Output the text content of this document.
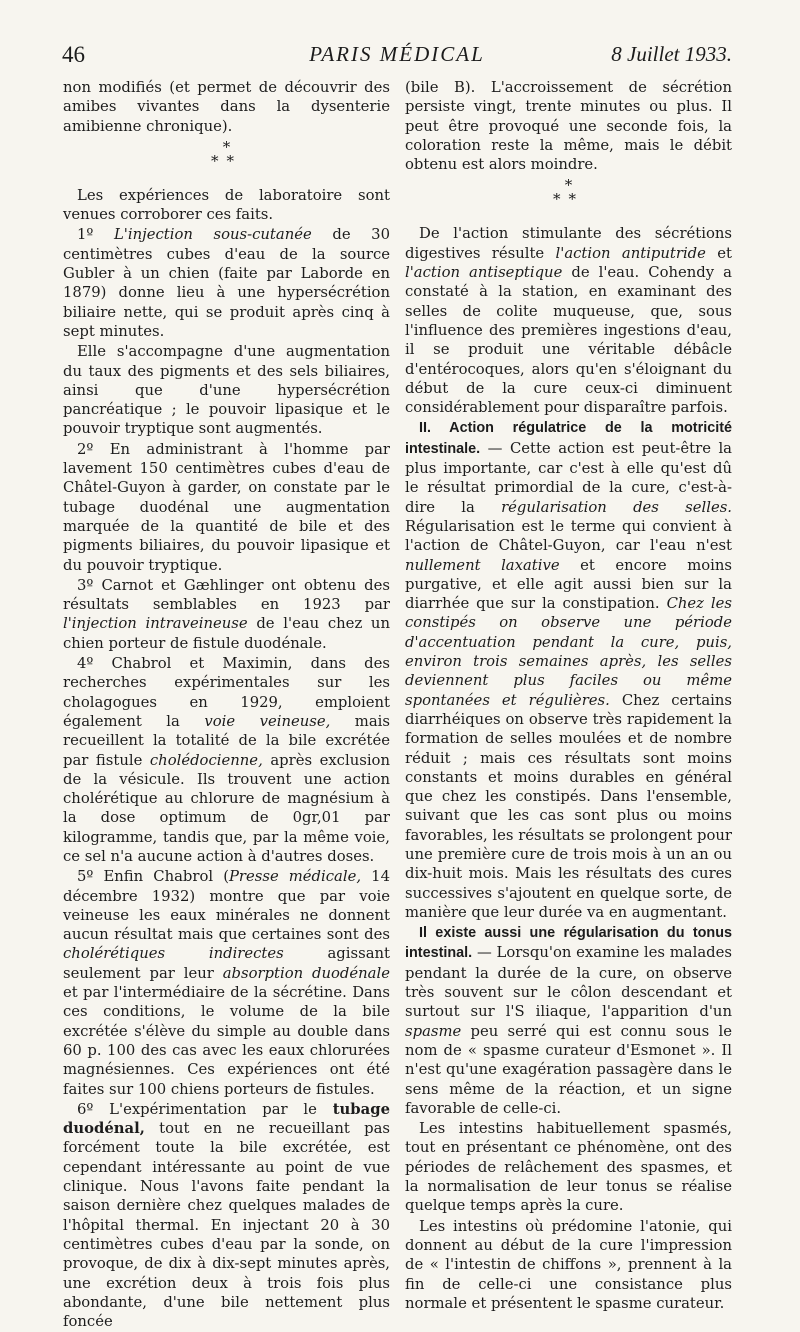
PARIS MÉDICAL
46	8 Juillet 1933.

non modifiés (et permet de découvrir des amibes vivantes dans la dysenterie amibienne chronique).

*
**

Les expériences de laboratoire sont venues corroborer ces faits.

1º L'injection sous-cutanée de 30 centimètres cubes d'eau de la source Gubler à un chien (faite par Laborde en 1879) donne lieu à une hypersécrétion biliaire nette, qui se produit après cinq à sept minutes.

Elle s'accompagne d'une augmentation du taux des pigments et des sels biliaires, ainsi que d'une hypersécrétion pancréatique ; le pouvoir lipasique et le pouvoir tryptique sont augmentés.

2º En administrant à l'homme par lavement 150 centimètres cubes d'eau de Châtel-Guyon à garder, on constate par le tubage duodénal une augmentation marquée de la quantité de bile et des pigments biliaires, du pouvoir lipasique et du pouvoir tryptique.

3º Carnot et Gæhlinger ont obtenu des résultats semblables en 1923 par l'injection intraveineuse de l'eau chez un chien porteur de fistule duodénale.

4º Chabrol et Maximin, dans des recherches expérimentales sur les cholagogues en 1929, emploient également la voie veineuse, mais recueillent la totalité de la bile excrétée par fistule cholédocienne, après exclusion de la vésicule. Ils trouvent une action cholérétique au chlorure de magnésium à la dose optimum de 0gr,01 par kilogramme, tandis que, par la même voie, ce sel n'a aucune action à d'autres doses.

5º Enfin Chabrol (Presse médicale, 14 décembre 1932) montre que par voie veineuse les eaux minérales ne donnent aucun résultat mais que certaines sont des cholérétiques indirectes agissant seulement par leur absorption duodénale et par l'intermédiaire de la sécrétine. Dans ces conditions, le volume de la bile excrétée s'élève du simple au double dans 60 p. 100 des cas avec les eaux chlorurées magnésiennes. Ces expériences ont été faites sur 100 chiens porteurs de fistules.

6º L'expérimentation par le tubage duodénal, tout en ne recueillant pas forcément toute la bile excrétée, est cependant intéressante au point de vue clinique. Nous l'avons faite pendant la saison dernière chez quelques malades de l'hôpital thermal. En injectant 20 à 30 centimètres cubes d'eau par la sonde, on provoque, de dix à dix-sept minutes après, une excrétion deux à trois fois plus abondante, d'une bile nettement plus foncée

(bile B). L'accroissement de sécrétion persiste vingt, trente minutes ou plus. Il peut être provoqué une seconde fois, la coloration reste la même, mais le débit obtenu est alors moindre.

*
**

De l'action stimulante des sécrétions digestives résulte l'action antiputride et l'action antiseptique de l'eau. Cohendy a constaté à la station, en examinant des selles de colite muqueuse, que, sous l'influence des premières ingestions d'eau, il se produit une véritable débâcle d'entérocoques, alors qu'en s'éloignant du début de la cure ceux-ci diminuent considérablement pour disparaître parfois.

II. Action régulatrice de la motricité intestinale. — Cette action est peut-être la plus importante, car c'est à elle qu'est dû le résultat primordial de la cure, c'est-à-dire la régularisation des selles. Régularisation est le terme qui convient à l'action de Châtel-Guyon, car l'eau n'est nullement laxative et encore moins purgative, et elle agit aussi bien sur la diarrhée que sur la constipation. Chez les constipés on observe une période d'accentuation pendant la cure, puis, environ trois semaines après, les selles deviennent plus faciles ou même spontanées et régulières. Chez certains diarrhéiques on observe très rapidement la formation de selles moulées et de nombre réduit ; mais ces résultats sont moins constants et moins durables en général que chez les constipés. Dans l'ensemble, suivant que les cas sont plus ou moins favorables, les résultats se prolongent pour une première cure de trois mois à un an ou dix-huit mois. Mais les résultats des cures successives s'ajoutent en quelque sorte, de manière que leur durée va en augmentant.

Il existe aussi une régularisation du tonus intestinal. — Lorsqu'on examine les malades pendant la durée de la cure, on observe très souvent sur le côlon descendant et surtout sur l'S iliaque, l'apparition d'un spasme peu serré qui est connu sous le nom de « spasme curateur d'Esmonet ». Il n'est qu'une exagération passagère dans le sens même de la réaction, et un signe favorable de celle-ci.

Les intestins habituellement spasmés, tout en présentant ce phénomène, ont des périodes de relâchement des spasmes, et la normalisation de leur tonus se réalise quelque temps après la cure.

Les intestins où prédomine l'atonie, qui donnent au début de la cure l'impression de « l'intestin de chiffons », prennent à la fin de celle-ci une consistance plus normale et présentent le spasme curateur.
